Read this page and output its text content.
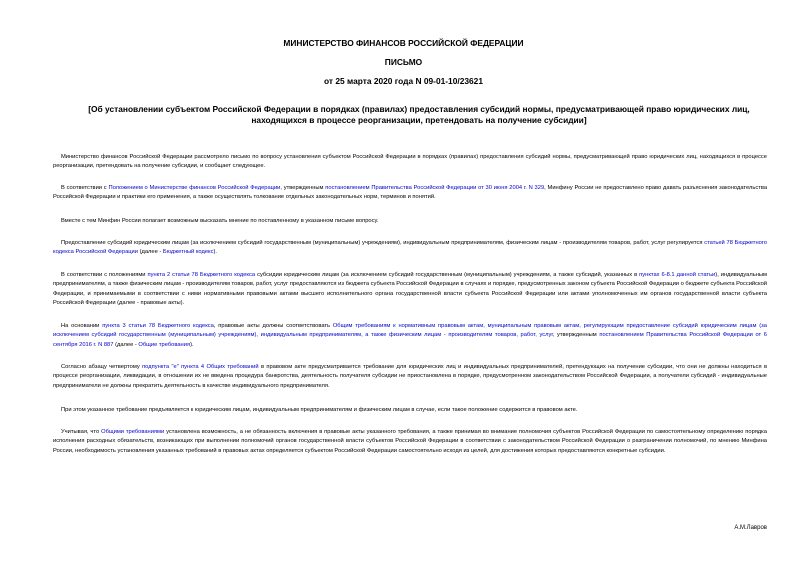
МИНИСТЕРСТВО ФИНАНСОВ РОССИЙСКОЙ ФЕДЕРАЦИИ
ПИСЬМО
от 25 марта 2020 года N 09-01-10/23621
[Об установлении субъектом Российской Федерации в порядках (правилах) предоставления субсидий нормы, предусматривающей право юридических лиц, находящихся в процессе реорганизации, претендовать на получение субсидии]
Министерство финансов Российской Федерации рассмотрело письмо по вопросу установления субъектом Российской Федерации в порядках (правилах) предоставления субсидий нормы, предусматривающей право юридических лиц, находящихся в процессе реорганизации, претендовать на получение субсидии, и сообщает следующее.
В соответствии с Положением о Министерстве финансов Российской Федерации, утвержденным постановлением Правительства Российской Федерации от 30 июня 2004 г. N 329, Минфину России не предоставлено право давать разъяснения законодательства Российской Федерации и практики его применения, а также осуществлять толкование отдельных законодательных норм, терминов и понятий.
Вместе с тем Минфин России полагает возможным высказать мнение по поставленному в указанном письме вопросу.
Предоставление субсидий юридическим лицам (за исключением субсидий государственным (муниципальным) учреждениям), индивидуальным предпринимателям, физическим лицам - производителям товаров, работ, услуг регулируется статьей 78 Бюджетного кодекса Российской Федерации (далее - Бюджетный кодекс).
В соответствии с положениями пункта 2 статьи 78 Бюджетного кодекса субсидии юридическим лицам (за исключением субсидий государственным (муниципальным) учреждениям, а также субсидий, указанных в пунктах 6-8.1 данной статьи), индивидуальным предпринимателям, а также физическим лицам - производителям товаров, работ, услуг предоставляются из бюджета субъекта Российской Федерации в случаях и порядке, предусмотренных законом субъекта Российской Федерации о бюджете субъекта Российской Федерации, и принимаемыми в соответствии с ними нормативными правовыми актами высшего исполнительного органа государственной власти субъекта Российской Федерации или актами уполномоченных им органов государственной власти субъекта Российской Федерации (далее - правовые акты).
На основании пункта 3 статьи 78 Бюджетного кодекса, правовые акты должны соответствовать Общим требованиям к нормативным правовым актам, муниципальным правовым актам, регулирующим предоставление субсидий юридическим лицам (за исключением субсидий государственным (муниципальным) учреждениям), индивидуальным предпринимателям, а также физическим лицам - производителям товаров, работ, услуг, утвержденным постановлением Правительства Российской Федерации от 6 сентября 2016 г. N 887 (далее - Общие требования).
Согласно абзацу четвертому подпункта "е" пункта 4 Общих требований в правовом акте предусматривается требование для юридических лиц и индивидуальных предпринимателей, претендующих на получение субсидии, что они не должны находиться в процессе реорганизации, ликвидации, в отношении их не введена процедура банкротства, деятельность получателя субсидии не приостановлена в порядке, предусмотренном законодательством Российской Федерации, а получатели субсидий - индивидуальные предприниматели не должны прекратить деятельность в качестве индивидуального предпринимателя.
При этом указанное требование предъявляется к юридическим лицам, индивидуальным предпринимателям и физическим лицам в случае, если такое положение содержится в правовом акте.
Учитывая, что Общими требованиями установлена возможность, а не обязанность включения в правовые акты указанного требования, а также принимая во внимание полномочия субъектов Российской Федерации по самостоятельному определению порядка исполнения расходных обязательств, возникающих при выполнении полномочий органов государственной власти субъектов Российской Федерации в соответствии с законодательством Российской Федерации о разграничении полномочий, по мнению Минфина России, необходимость установления указанных требований в правовых актах определяется субъектом Российской Федерации самостоятельно исходя из целей, для достижения которых предоставляются конкретные субсидии.
А.М.Лавров
